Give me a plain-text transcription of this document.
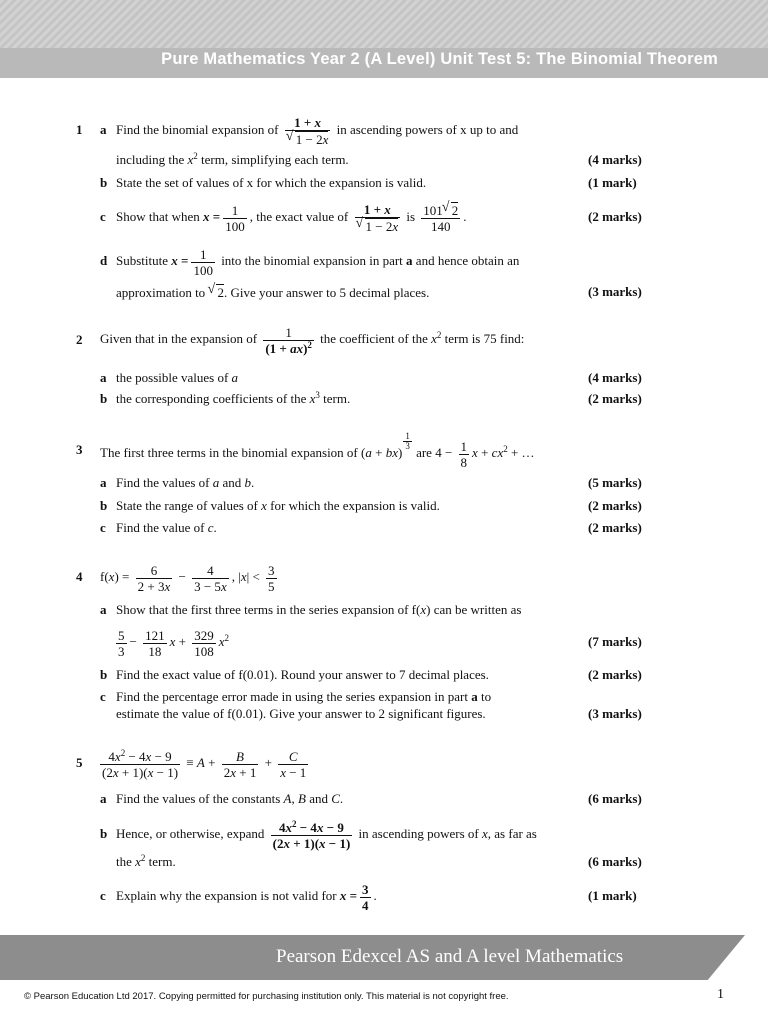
Pure Mathematics Year 2 (A Level) Unit Test 5: The Binomial Theorem
1 a Find the binomial expansion of 1 + x
√ 1 − 2x in ascending powers of x up to and
including the $x^2$ term, simplifying each term.	(4 marks)
b State the set of values of x for which the expansion is valid.	(1 mark)
c Show that when $x = \frac{1}{100}$ , the exact value of 1 + x
√ 1 − 2x is $\frac{101√ 2}{140}$ .	(2 marks)
d Substitute $x = \frac{1}{100}$ into the binomial expansion in part a and hence obtain an
approximation to √ 2. Give your answer to 5 decimal places.	(3 marks)
2 Given that in the expansion of $\frac{1}{(1 + ax)^2}$ the coefficient of the $x^2$ term is 75 find:
a the possible values of a	(4 marks)
b the corresponding coefficients of the $x^3$ term.	(2 marks)
3 The first three terms in the binomial expansion of (a + bx)
$\frac{1}{3}$
are $4 - \frac{1}{8}$ $x + cx^2$ + …
a Find the values of a and b.	(5 marks)
b State the range of values of x for which the expansion is valid.	(2 marks)
c Find the value of c.	(2 marks)
4 $f(x) = \frac{6}{2 + 3x} - \frac{4}{3 - 5x}$ , $|x| < \frac{3}{5}$
a Show that the first three terms in the series expansion of f(x) can be written as
$\frac{5}{3} - \frac{121}{18}$ $x + \frac{329}{108} x^2$	(7 marks)
b Find the exact value of f(0.01). Round your answer to 7 decimal places.	(2 marks)
c Find the percentage error made in using the series expansion in part a to
estimate the value of f(0.01). Give your answer to 2 significant figures.	(3 marks)
$5 \frac{4x^2 - 4x - 9}{(2x + 1)(x - 1)} \equiv A + \frac{B}{2x + 1} + \frac{C}{x - 1}$
a Find the values of the constants A, B and C.	(6 marks)
b Hence, or otherwise, expand $\frac{4x^2 - 4x - 9}{(2x + 1)(x - 1)}$ in ascending powers of x, as far as
the $x^2$ term.	(6 marks)
c Explain why the expansion is not valid for $x = \frac{3}{4}$ .	(1 mark)
Pearson Edexcel AS and A level Mathematics
© Pearson Education Ltd 2017. Copying permitted for purchasing institution only. This material is not copyright free.	1
